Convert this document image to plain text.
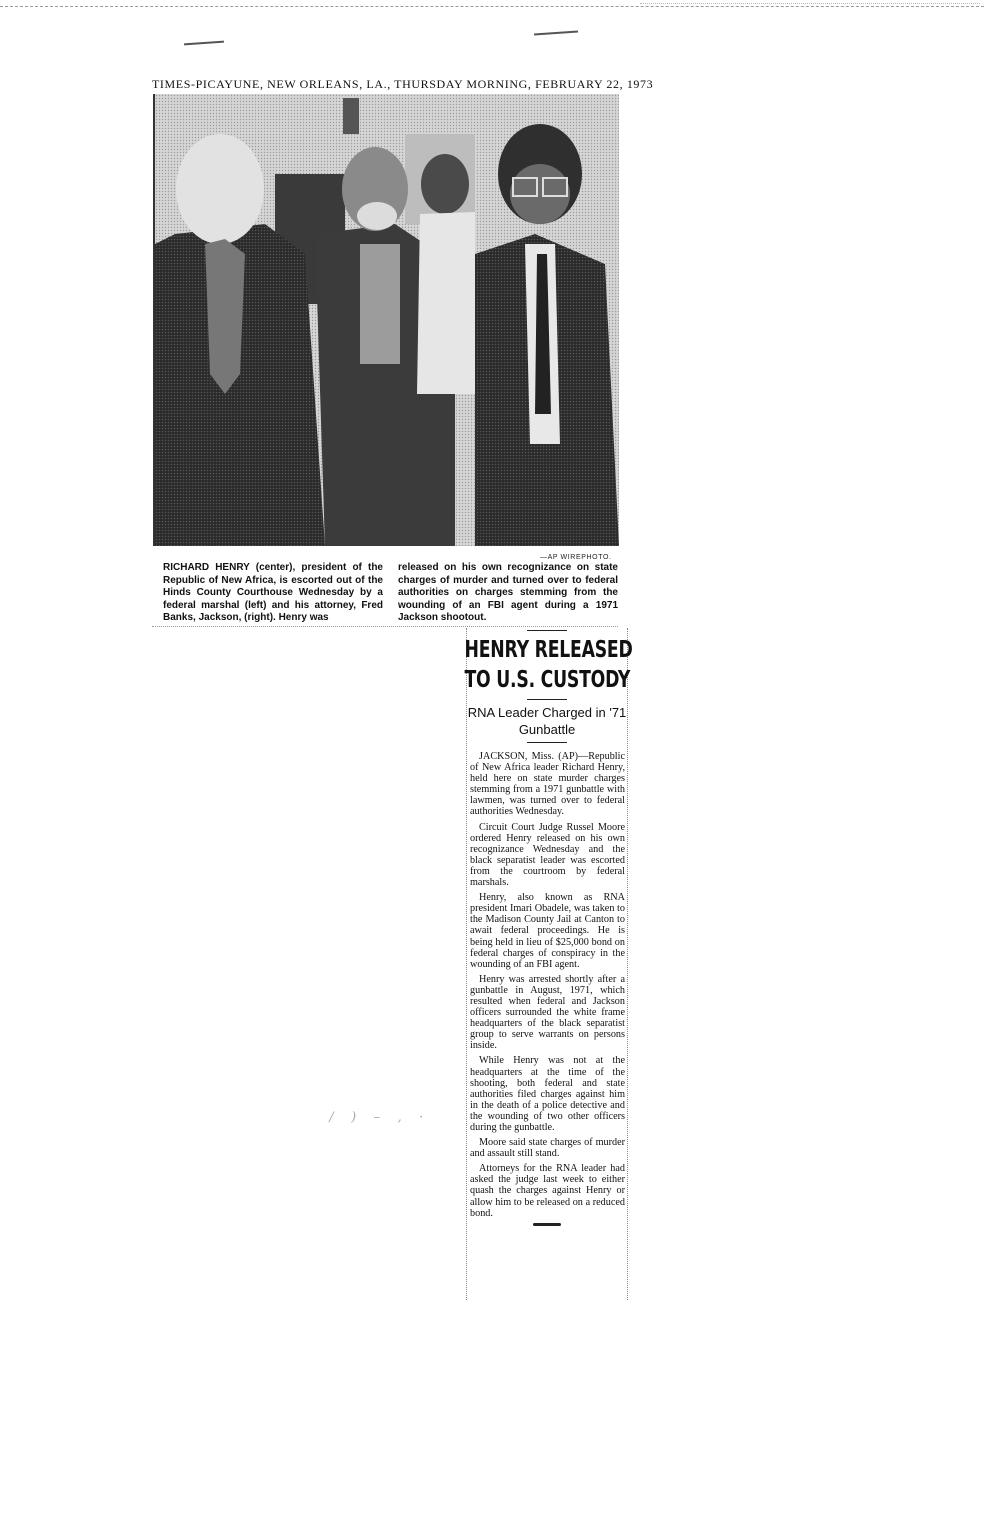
TIMES-PICAYUNE, NEW ORLEANS, LA., THURSDAY MORNING, FEBRUARY 22, 1973
—AP WIREPHOTO.
RICHARD HENRY (center), president of the Republic of New Africa, is escorted out of the Hinds County Courthouse Wednesday by a federal marshal (left) and his attorney, Fred Banks, Jackson, (right). Henry was
released on his own recognizance on state charges of murder and turned over to federal authorities on charges stemming from the wounding of an FBI agent during a 1971 Jackson shootout.
HENRY RELEASED
TO U.S. CUSTODY
RNA Leader Charged in '71 Gunbattle

JACKSON, Miss. (AP)—Republic of New Africa leader Richard Henry, held here on state murder charges stemming from a 1971 gunbattle with lawmen, was turned over to federal authorities Wednesday.

Circuit Court Judge Russel Moore ordered Henry released on his own recognizance Wednesday and the black separatist leader was escorted from the courtroom by federal marshals.

Henry, also known as RNA president Imari Obadele, was taken to the Madison County Jail at Canton to await federal proceedings. He is being held in lieu of $25,000 bond on federal charges of conspiracy in the wounding of an FBI agent.

Henry was arrested shortly after a gunbattle in August, 1971, which resulted when federal and Jackson officers surrounded the white frame headquarters of the black separatist group to serve warrants on persons inside.

While Henry was not at the headquarters at the time of the shooting, both federal and state authorities filed charges against him in the death of a police detective and the wounding of two other officers during the gunbattle.

Moore said state charges of murder and assault still stand.

Attorneys for the RNA leader had asked the judge last week to either quash the charges against Henry or allow him to be released on a reduced bond.

 /  )  –  ‚  ·
